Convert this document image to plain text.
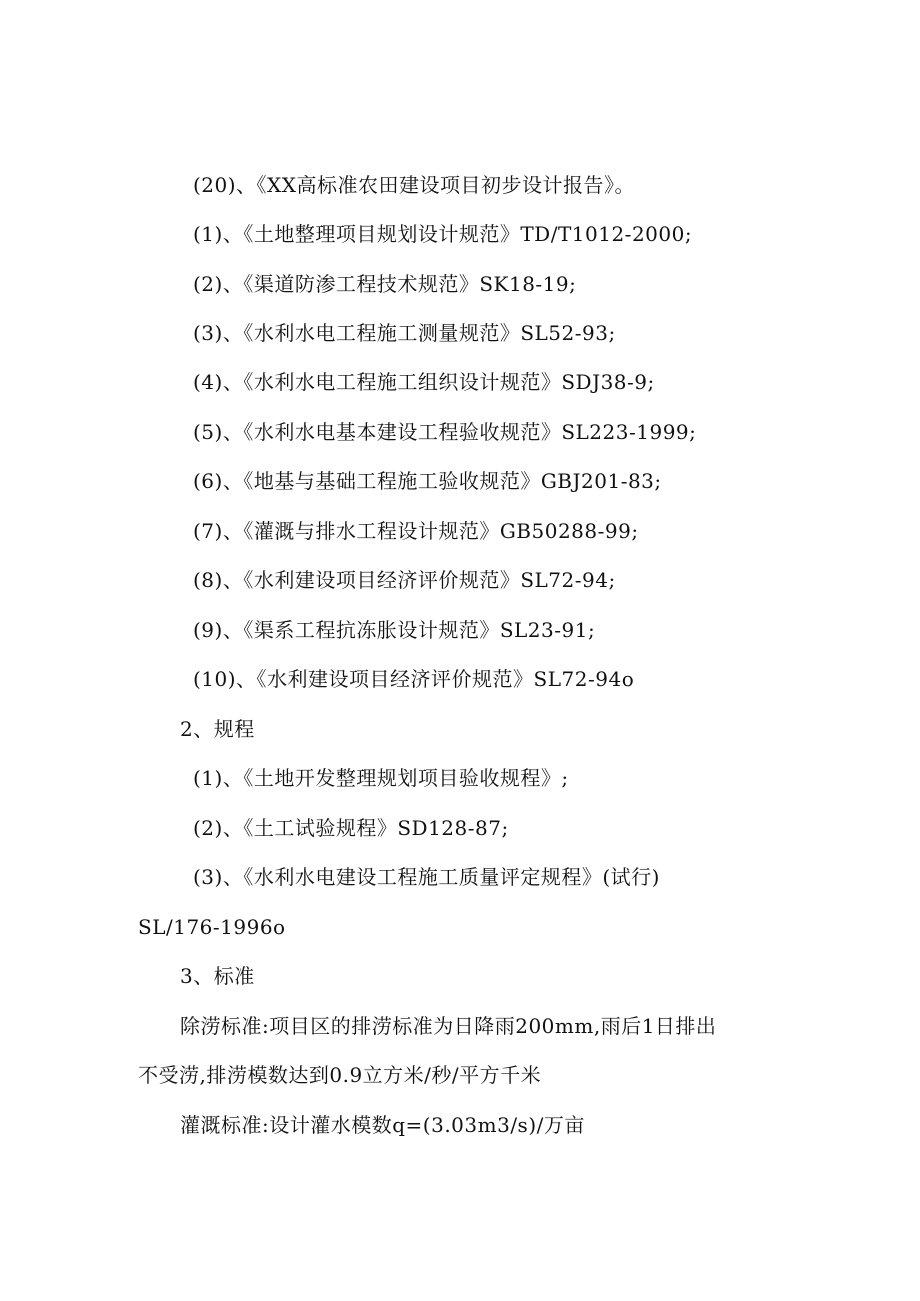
(20)、《XX高标准农田建设项目初步设计报告》。
(1)、《土地整理项目规划设计规范》TD/T1012-2000;
(2)、《渠道防渗工程技术规范》SK18-19;
(3)、《水利水电工程施工测量规范》SL52-93;
(4)、《水利水电工程施工组织设计规范》SDJ38-9;
(5)、《水利水电基本建设工程验收规范》SL223-1999;
(6)、《地基与基础工程施工验收规范》GBJ201-83;
(7)、《灌溉与排水工程设计规范》GB50288-99;
(8)、《水利建设项目经济评价规范》SL72-94;
(9)、《渠系工程抗冻胀设计规范》SL23-91;
(10)、《水利建设项目经济评价规范》SL72-94o
2、规程
(1)、《土地开发整理规划项目验收规程》;
(2)、《土工试验规程》SD128-87;
(3)、《水利水电建设工程施工质量评定规程》(试行)
SL/176-1996o
3、标准
除涝标准:项目区的排涝标准为日降雨200mm,雨后1日排出
不受涝,排涝模数达到0.9立方米/秒/平方千米
灌溉标准:设计灌水模数q=(3.03m3/s)/万亩
